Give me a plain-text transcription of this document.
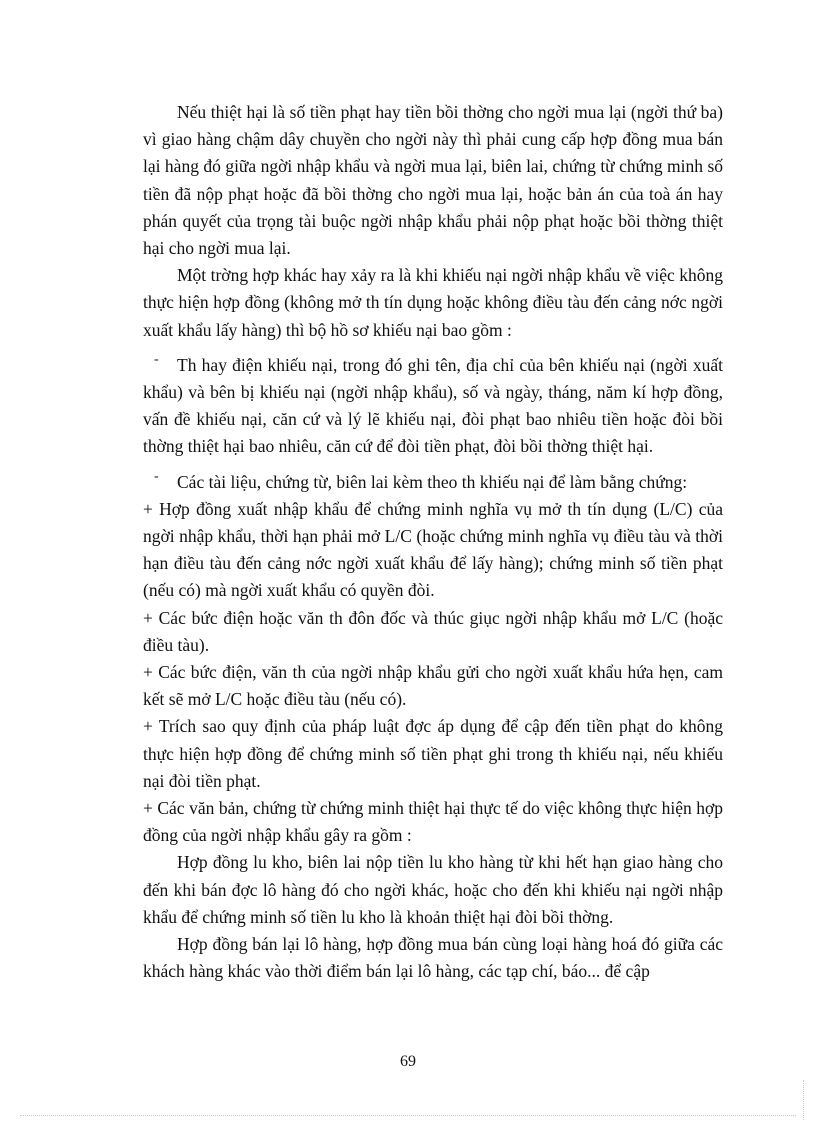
Nếu thiệt hại là số tiền phạt hay tiền bồi thờng cho ngời mua lại (ngời thứ ba) vì giao hàng chậm dây chuyền cho ngời này thì phải cung cấp hợp đồng mua bán lại hàng đó giữa ngời nhập khẩu và ngời mua lại, biên lai, chứng từ chứng minh số tiền đã nộp phạt hoặc đã bồi thờng cho ngời mua lại, hoặc bản án của toà án hay phán quyết của trọng tài buộc ngời nhập khẩu phải nộp phạt hoặc bồi thờng thiệt hại cho ngời mua lại.

Một trờng hợp khác hay xảy ra là khi khiếu nại ngời nhập khẩu về việc không thực hiện hợp đồng (không mở th tín dụng hoặc không điều tàu đến cảng nớc ngời xuất khẩu lấy hàng) thì bộ hồ sơ khiếu nại bao gồm :

- Th hay điện khiếu nại, trong đó ghi tên, địa chỉ của bên khiếu nại (ngời xuất khẩu) và bên bị khiếu nại (ngời nhập khẩu), số và ngày, tháng, năm kí hợp đồng, vấn đề khiếu nại, căn cứ và lý lẽ khiếu nại, đòi phạt bao nhiêu tiền hoặc đòi bồi thờng thiệt hại bao nhiêu, căn cứ để đòi tiền phạt, đòi bồi thờng thiệt hại.

- Các tài liệu, chứng từ, biên lai kèm theo th khiếu nại để làm bằng chứng:

+ Hợp đồng xuất nhập khẩu để chứng minh nghĩa vụ mở th tín dụng (L/C) của ngời nhập khẩu, thời hạn phải mở L/C (hoặc chứng minh nghĩa vụ điều tàu và thời hạn điều tàu đến cảng nớc ngời xuất khẩu để lấy hàng); chứng minh số tiền phạt (nếu có) mà ngời xuất khẩu có quyền đòi.

+ Các bức điện hoặc văn th đôn đốc và thúc giục ngời nhập khẩu mở L/C (hoặc điều tàu).

+ Các bức điện, văn th của ngời nhập khẩu gửi cho ngời xuất khẩu hứa hẹn, cam kết sẽ mở L/C hoặc điều tàu (nếu có).

+ Trích sao quy định của pháp luật đợc áp dụng để cập đến tiền phạt do không thực hiện hợp đồng để chứng minh số tiền phạt ghi trong th khiếu nại, nếu khiếu nại đòi tiền phạt.

+ Các văn bản, chứng từ chứng minh thiệt hại thực tế do việc không thực hiện hợp đồng của ngời nhập khẩu gây ra gồm :

Hợp đồng lu kho, biên lai nộp tiền lu kho hàng từ khi hết hạn giao hàng cho đến khi bán đợc lô hàng đó cho ngời khác, hoặc cho đến khi khiếu nại ngời nhập khẩu để chứng minh số tiền lu kho là khoản thiệt hại đòi bồi thờng.

Hợp đồng bán lại lô hàng, hợp đồng mua bán cùng loại hàng hoá đó giữa các khách hàng khác vào thời điểm bán lại lô hàng, các tạp chí, báo... để cập

69
